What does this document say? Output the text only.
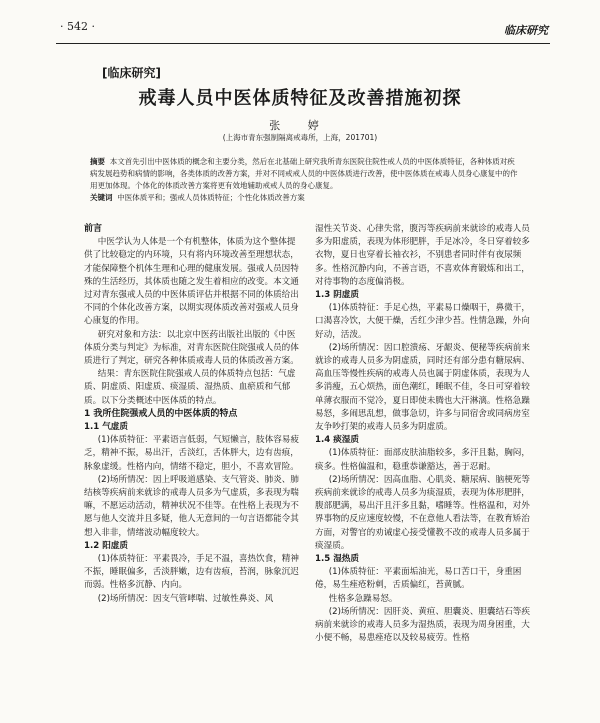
· 542 ·	临床研究
[临床研究]
戒毒人员中医体质特征及改善措施初探
张 婷
(上海市青东强制隔离戒毒所，上海，201701)

摘要 本文首先引出中医体质的概念和主要分类，然后在北基础上研究我所青东医院住院性戒人员的中医体质特征，各种体质对疾病发展趋势和病情的影响，各类体质的改善方案，并对不同戒戒人员的中医体质进行改善，使中医体质在戒毒人员身心康复中的作用更加体现。个体化的体质改善方案将更有效地辅助戒戒人员的身心康复。

关键词 中医体质平和；强戒人员体质特征；个性化体质改善方案

前言

中医学认为人体是一个有机整体，体质为这个整体提供了比较稳定的内环境，只有将内环境改善至理想状态，才能保障整个机体生理和心理的健康发展。强戒人员因特殊的生活经历，其体质也随之发生着相应的改变。本文通过对青东强戒人员的中医体质评估并根据不同的体质给出不同的个体化改善方案，以期实现体质改善对强戒人员身心康复的作用。

研究对象和方法：以北京中医药出版社出版的《中医体质分类与判定》为标准，对青东医院住院强戒人员的体质进行了判定，研究各种体质戒毒人员的体质改善方案。

结果：青东医院住院强戒人员的体质特点包括：气虚质、阴虚质、阳虚质、痰湿质、湿热质、血瘀质和气郁质。以下分类概述中医体质的特点。

1 我所住院强戒人员的中医体质的特点

1.1 气虚质

(1)体质特征：平素语言低弱，气短懒言，肢体容易疲乏，精神不振，易出汗，舌淡红，舌体胖大，边有齿痕，脉象虚缓。性格内向，情绪不稳定，胆小，不喜欢冒险。

(2)场所情况：因上呼吸道感染、支气管炎、肺炎、肺结核等疾病前来就诊的戒毒人员多为气虚质，多表现为喘嘛，不愿运动活动，精神状况不佳等。在性格上表现为不愿与他人交流并且多疑，他人无意间的一句言语都能令其想入非非，情绪波动幅度较大。

1.2 阳虚质

(1)体质特征：平素畏冷，手足不温，喜热饮食，精神不振，睡眠偏多，舌淡胖嫩，边有齿痕，苔润，脉象沉迟而弱。性格多沉静、内向。

(2)场所情况：因支气管哮喘、过敏性鼻炎、风

湿性关节炎、心律失常，腹泻等疾病前来就诊的戒毒人员多为阳虚质，表现为体形肥胖，手足冰冷，冬日穿着较多衣物，夏日也穿着长袖衣衫，不别患者同时伴有夜尿频多。性格沉静内向，不善言语，不喜欢体育锻炼和出工，对待事物的态度偏消极。

1.3 阴虚质

(1)体质特征：手足心热，平素易口燥咽干，鼻微干，口渴喜冷饮，大便干燥，舌红少津少苔。性情急躁，外向好动，活泼。

(2)场所情况：因口腔溃疡、牙龈炎、便秘等疾病前来就诊的戒毒人员多为阴虚质，同时还有部分患有糖尿病、高血压等慢性疾病的戒毒人员也属于阴虚体质，表现为人多消瘦，五心烦热，面色潮红，睡眠不佳，冬日可穿着较单薄衣服而不觉冷，夏日即使未腾也大汗淋漓。性格急躁易怒，多闹思乱想，做事急切，许多与同宿舍或同病房室友争吵打架的戒毒人员多为阴虚质。

1.4 痰湿质

(1)体质特征：面部皮肤油脂较多，多汗且黏，胸闷，痰多。性格偏温和，稳重恭谦豁达，善于忍耐。

(2)场所情况：因高血脂、心肌炎、糖尿病、脑梗死等疾病前来就诊的戒毒人员多为痰湿质，表现为体形肥胖，腹部肥满，易出汗且汗多且黏，嗜睡等。性格温和，对外界事物的反应速度较慢，不在意他人看法等，在教育矫治方面，对警官的劝诫虚心接受懂教不改的戒毒人员多属于痰湿质。

1.5 湿热质

(1)体质特征：平素面垢油光，易口苦口干，身重困倦，易生痤疮粉刺，舌质偏红，苔黄腻。

性格多急躁易怒。

(2)场所情况：因肝炎、黄疸、胆囊炎、胆囊结石等疾病前来就诊的戒毒人员多为湿热质，表现为周身困重，大小便不畅，易患痤疮以及较易疲劳。性格
